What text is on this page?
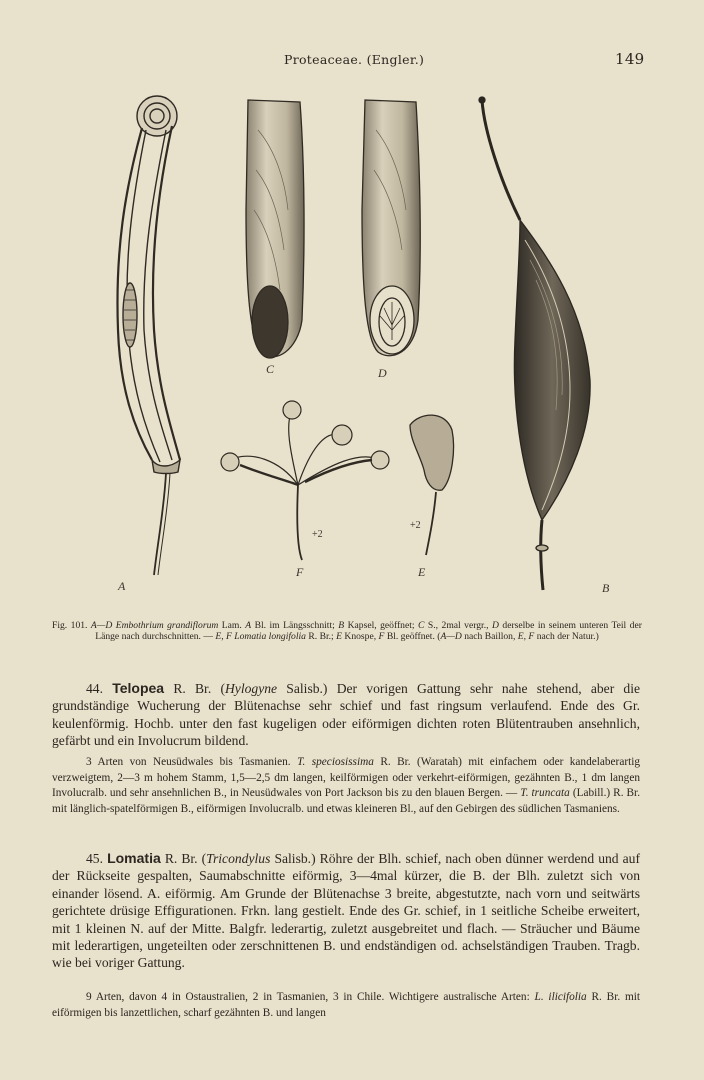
Proteaceae. (Engler.)	149
A
C	D
F	E
B
+2
+2
Fig. 101. A—D Embothrium grandiflorum Lam. A Bl. im Längsschnitt; B Kapsel, geöffnet; C S., 2mal vergr., D derselbe in seinem unteren Teil der Länge nach durchschnitten. — E, F Lomatia longifolia R. Br.; E Knospe, F Bl. geöffnet. (A—D nach Baillon, E, F nach der Natur.)
44. Telopea R. Br. (Hylogyne Salisb.) Der vorigen Gattung sehr nahe stehend, aber die grundständige Wucherung der Blütenachse sehr schief und fast ringsum verlaufend. Ende des Gr. keulenförmig. Hochb. unter den fast kugeligen oder eiförmigen dichten roten Blütentrauben ansehnlich, gefärbt und ein Involucrum bildend.
3 Arten von Neusüdwales bis Tasmanien. T. speciosissima R. Br. (Waratah) mit einfachem oder kandelaberartig verzweigtem, 2—3 m hohem Stamm, 1,5—2,5 dm langen, keilförmigen oder verkehrt-eiförmigen, gezähnten B., 1 dm langen Involucralb. und sehr ansehnlichen B., in Neusüdwales von Port Jackson bis zu den blauen Bergen. — T. truncata (Labill.) R. Br. mit länglich-spatelförmigen B., eiförmigen Involucralb. und etwas kleineren Bl., auf den Gebirgen des südlichen Tasmaniens.
45. Lomatia R. Br. (Tricondylus Salisb.) Röhre der Blh. schief, nach oben dünner werdend und auf der Rückseite gespalten, Saumabschnitte eiförmig, 3—4mal kürzer, die B. der Blh. zuletzt sich von einander lösend. A. eiförmig. Am Grunde der Blütenachse 3 breite, abgestutzte, nach vorn und seitwärts gerichtete drüsige Effigurationen. Frkn. lang gestielt. Ende des Gr. schief, in 1 seitliche Scheibe erweitert, mit 1 kleinen N. auf der Mitte. Balgfr. lederartig, zuletzt ausgebreitet und flach. — Sträucher und Bäume mit lederartigen, ungeteilten oder zerschnittenen B. und endständigen od. achselständigen Trauben. Tragb. wie bei voriger Gattung.
9 Arten, davon 4 in Ostaustralien, 2 in Tasmanien, 3 in Chile. Wichtigere australische Arten: L. ilicifolia R. Br. mit eiförmigen bis lanzettlichen, scharf gezähnten B. und langen
